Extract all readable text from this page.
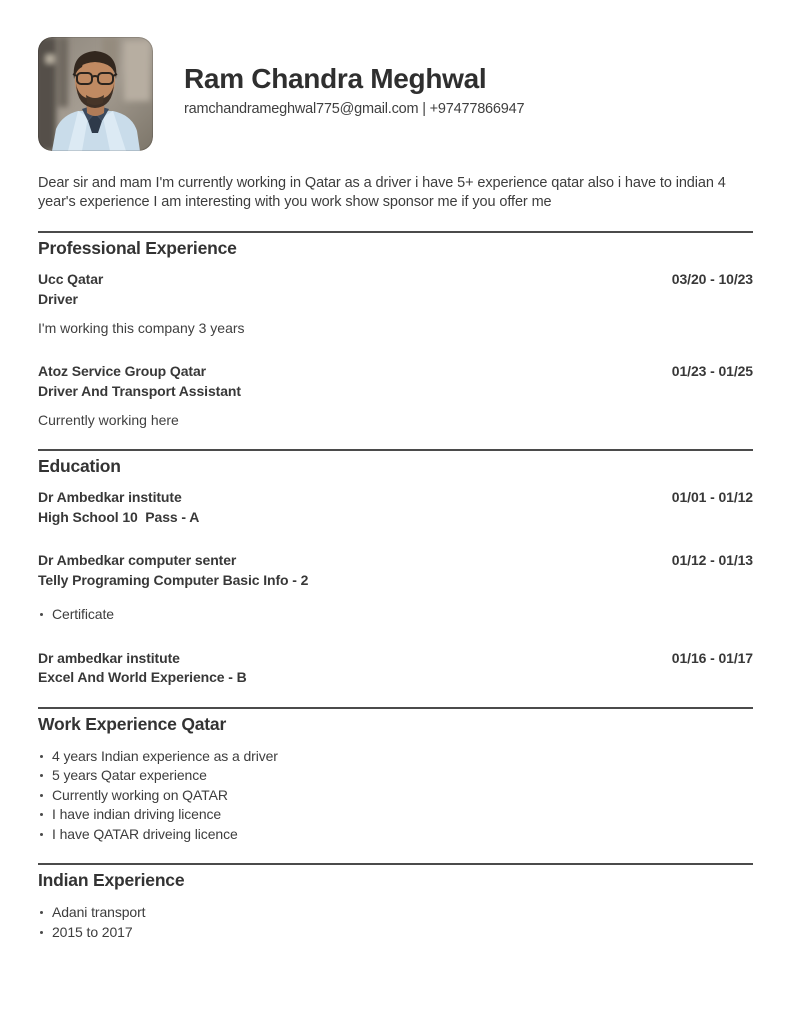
Ram Chandra Meghwal
ramchandrameghwal775@gmail.com | +97477866947

Dear sir and mam I'm currently working in Qatar as a driver i have 5+ experience qatar also i have to indian 4 year's experience I am interesting with you work show sponsor me if you offer me

Professional Experience
Ucc Qatar
Driver
03/20 - 10/23
I'm working this company 3 years
Atoz Service Group Qatar
Driver And Transport Assistant
01/23 - 01/25
Currently working here
Education
Dr Ambedkar institute
High School 10  Pass - A
01/01 - 01/12
Dr Ambedkar computer senter
Telly Programing Computer Basic Info - 2
01/12 - 01/13
Certificate
Dr ambedkar institute
Excel And World Experience - B
01/16 - 01/17
Work Experience Qatar
4 years Indian experience as a driver
5 years Qatar experience
Currently working on QATAR
I have indian driving licence
I have QATAR driveing licence
Indian Experience
Adani transport
2015 to 2017
